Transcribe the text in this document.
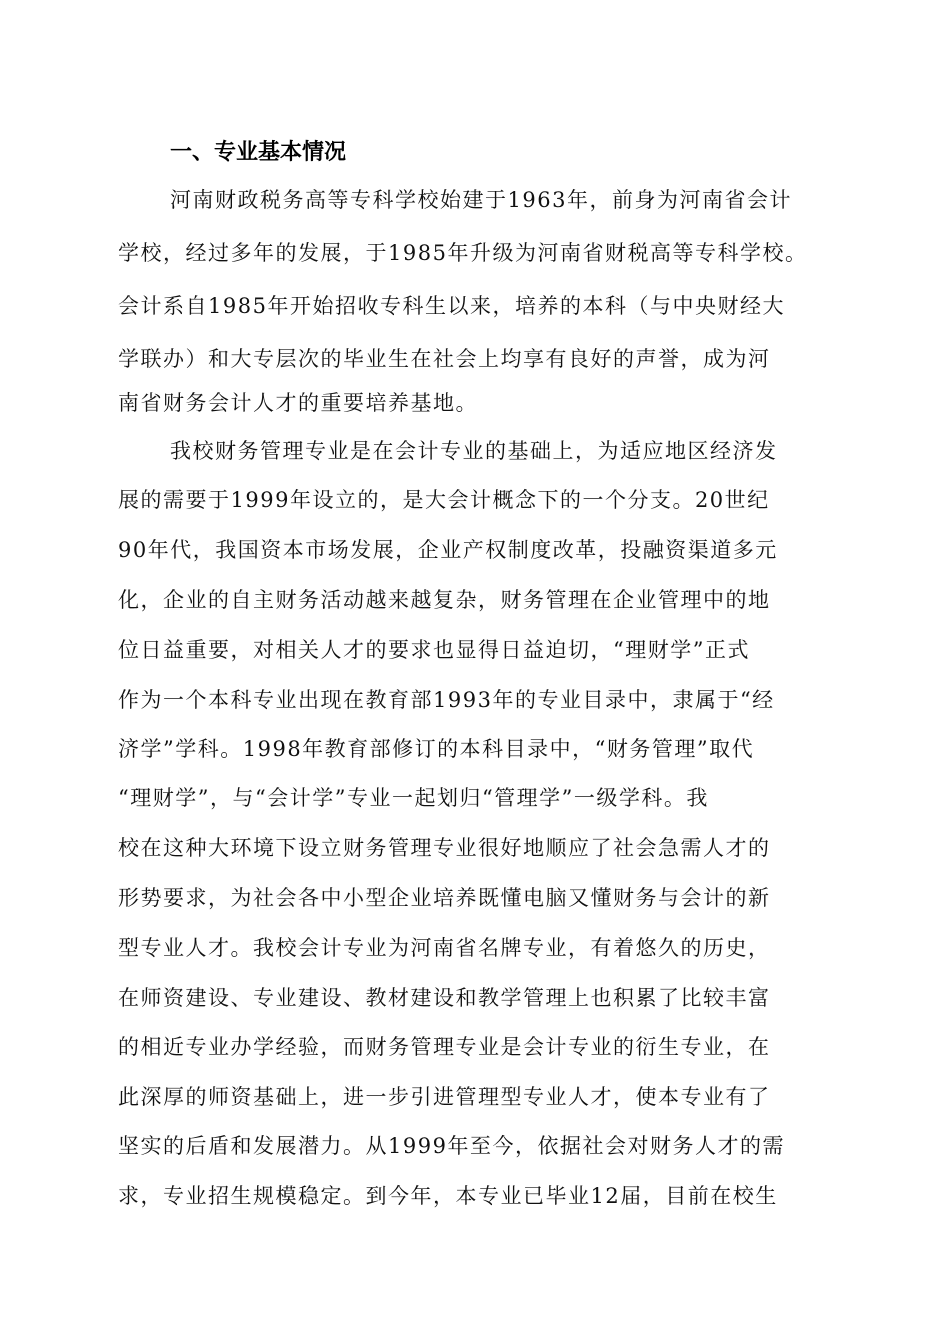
一、专业基本情况
河南财政税务高等专科学校始建于1963年，前身为河南省会计
学校，经过多年的发展，于1985年升级为河南省财税高等专科学校。
会计系自1985年开始招收专科生以来，培养的本科（与中央财经大
学联办）和大专层次的毕业生在社会上均享有良好的声誉，成为河
南省财务会计人才的重要培养基地。
我校财务管理专业是在会计专业的基础上，为适应地区经济发
展的需要于1999年设立的，是大会计概念下的一个分支。20世纪
90年代，我国资本市场发展，企业产权制度改革，投融资渠道多元
化，企业的自主财务活动越来越复杂，财务管理在企业管理中的地
位日益重要，对相关人才的要求也显得日益迫切，“理财学”正式
作为一个本科专业出现在教育部1993年的专业目录中，隶属于“经
济学”学科。1998年教育部修订的本科目录中，“财务管理”取代
“理财学”，与“会计学”专业一起划归“管理学”一级学科。我
校在这种大环境下设立财务管理专业很好地顺应了社会急需人才的
形势要求，为社会各中小型企业培养既懂电脑又懂财务与会计的新
型专业人才。我校会计专业为河南省名牌专业，有着悠久的历史，
在师资建设、专业建设、教材建设和教学管理上也积累了比较丰富
的相近专业办学经验，而财务管理专业是会计专业的衍生专业，在
此深厚的师资基础上，进一步引进管理型专业人才，使本专业有了
坚实的后盾和发展潜力。从1999年至今，依据社会对财务人才的需
求，专业招生规模稳定。到今年，本专业已毕业12届，目前在校生
